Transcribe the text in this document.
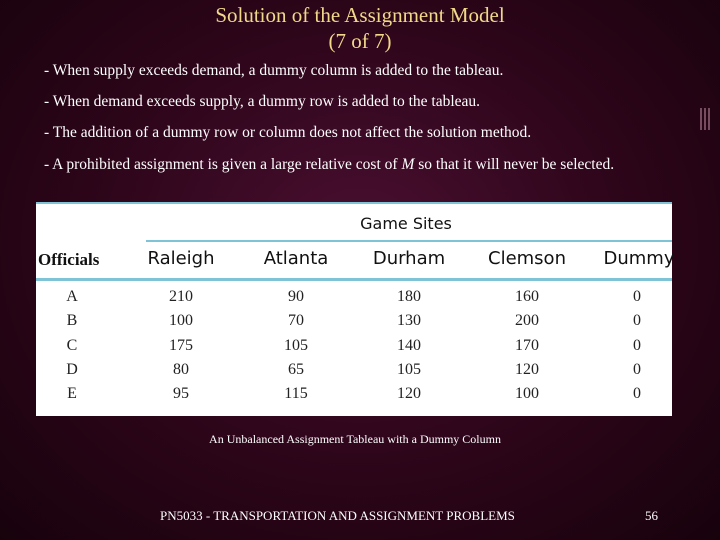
Solution of the Assignment Model
(7 of 7)
- When supply exceeds demand, a dummy column is added to the tableau.
- When demand exceeds supply, a dummy row is added to the tableau.
- The addition of a dummy row or column does not affect the solution method.
- A prohibited assignment is given a large relative cost of M so that it will never be selected.
Game Sites
Officials	Raleigh	Atlanta	Durham	Clemson	Dummy
A	210	90	180	160	0
B	100	70	130	200	0
C	175	105	140	170	0
D	80	65	105	120	0
E	95	115	120	100	0
An Unbalanced Assignment Tableau with a Dummy Column
PN5033 - TRANSPORTATION AND ASSIGNMENT PROBLEMS	56
